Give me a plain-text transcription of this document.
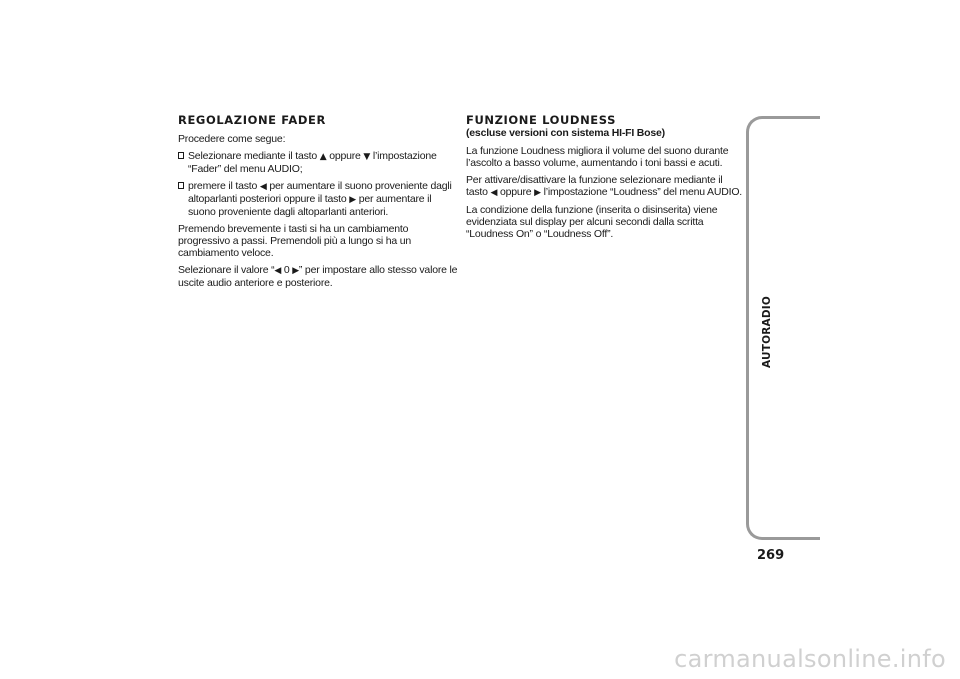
REGOLAZIONE FADER

Procedere come segue:

Selezionare mediante il tasto ▲ oppure ▼ l’impostazione “Fader” del menu AUDIO;
premere il tasto ◀ per aumentare il suono proveniente dagli altoparlanti posteriori oppure il tasto ▶ per aumentare il suono proveniente dagli altoparlanti anteriori.

Premendo brevemente i tasti si ha un cambiamento progressivo a passi. Premendoli più a lungo si ha un cambiamento veloce.

Selezionare il valore “◀ 0 ▶” per impostare allo stesso valore le uscite audio anteriore e posteriore.

FUNZIONE LOUDNESS
(escluse versioni con sistema HI-FI Bose)

La funzione Loudness migliora il volume del suono durante l’ascolto a basso volume, aumentando i toni bassi e acuti.

Per attivare/disattivare la funzione selezionare mediante il tasto ◀ oppure ▶ l’impostazione “Loudness” del menu AUDIO.

La condizione della funzione (inserita o disinserita) viene evidenziata sul display per alcuni secondi dalla scritta “Loudness On” o “Loudness Off”.

AUTORADIO
269
carmanualsonline.info
